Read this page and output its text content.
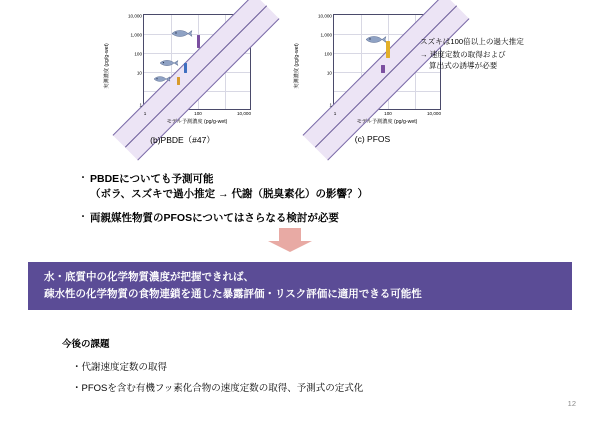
実測濃度 (pg/g-wet)
10,000
1,000
100
10
1
1	100	10,000
モデル予測濃度 (pg/g-wet)
(b)PBDE（#47）
実測濃度 (pg/g-wet)
10,000
1,000
100
10
1
1	100	10,000
モデル予測濃度 (pg/g-wet)
(c) PFOS
スズキは100倍以上の過大推定
→ 速度定数の取得および
算出式の誘導が必要
・ PBDEについても予測可能
（ボラ、スズキで過小推定 → 代謝（脱臭素化）の影響？）
・ 両親媒性物質のPFOSについてはさらなる検討が必要
水・底質中の化学物質濃度が把握できれば、
疎水性の化学物質の食物連鎖を通した暴露評価・リスク評価に適用できる可能性
今後の課題
・代謝速度定数の取得
・PFOSを含む有機フッ素化合物の速度定数の取得、予測式の定式化
12
